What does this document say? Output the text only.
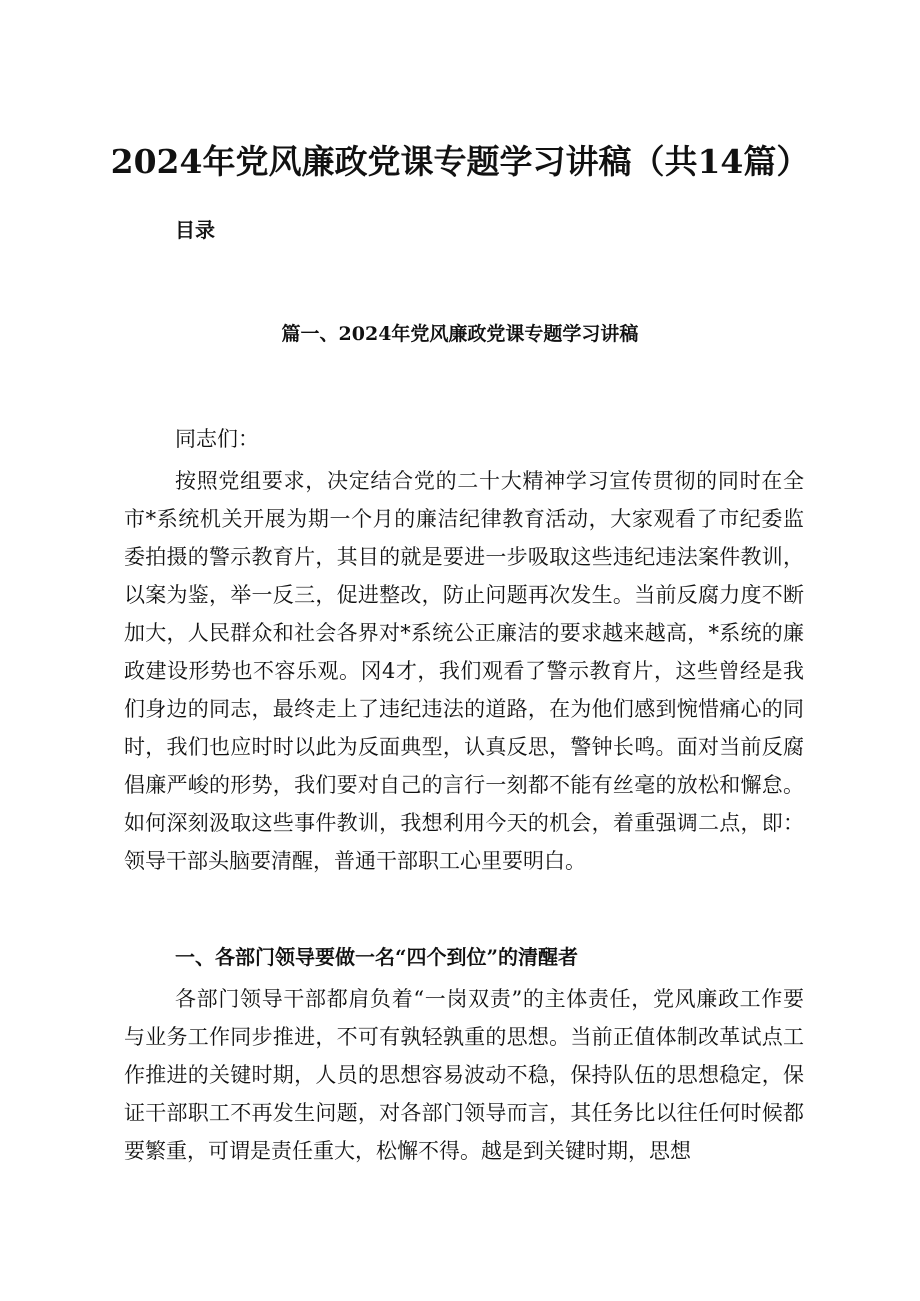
2024年党风廉政党课专题学习讲稿（共14篇）
目录
篇一、2024年党风廉政党课专题学习讲稿
同志们：
按照党组要求，决定结合党的二十大精神学习宣传贯彻的同时在全市*系统机关开展为期一个月的廉洁纪律教育活动，大家观看了市纪委监委拍摄的警示教育片，其目的就是要进一步吸取这些违纪违法案件教训，以案为鉴，举一反三，促进整改，防止问题再次发生。当前反腐力度不断加大，人民群众和社会各界对*系统公正廉洁的要求越来越高，*系统的廉政建设形势也不容乐观。冈4才，我们观看了警示教育片，这些曾经是我们身边的同志，最终走上了违纪违法的道路，在为他们感到惋惜痛心的同时，我们也应时时以此为反面典型，认真反思，警钟长鸣。面对当前反腐倡廉严峻的形势，我们要对自己的言行一刻都不能有丝毫的放松和懈怠。如何深刻汲取这些事件教训，我想利用今天的机会，着重强调二点，即：领导干部头脑要清醒，普通干部职工心里要明白。
一、各部门领导要做一名“四个到位”的清醒者
各部门领导干部都肩负着“一岗双责”的主体责任，党风廉政工作要与业务工作同步推进，不可有孰轻孰重的思想。当前正值体制改革试点工作推进的关键时期，人员的思想容易波动不稳，保持队伍的思想稳定，保证干部职工不再发生问题，对各部门领导而言，其任务比以往任何时候都要繁重，可谓是责任重大，松懈不得。越是到关键时期，思想
